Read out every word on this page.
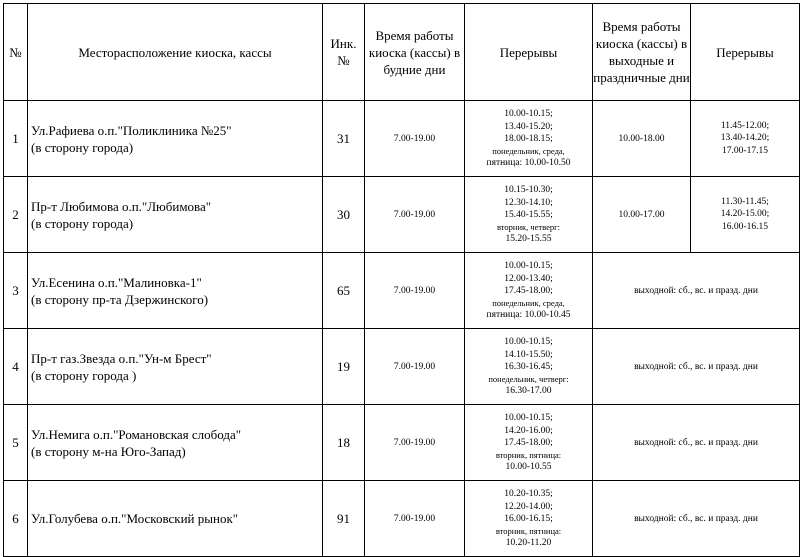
№	Месторасположение киоска, кассы	Инк. №	Время работы киоска (кассы) в будние дни	Перерывы	Время работы киоска (кассы) в выходные и праздничные дни	Перерывы
1	Ул.Рафиева о.п."Поликлиника №25"
(в сторону города)	31	7.00-19.00	10.00-10.15;
13.40-15.20;
18.00-18.15;
понедельник, среда,
пятница: 10.00-10.50	10.00-18.00	11.45-12.00;
13.40-14.20;
17.00-17.15

2	Пр-т Любимова о.п."Любимова"
(в сторону города)	30	7.00-19.00	10.15-10.30;
12.30-14.10;
15.40-15.55;
вторник, четверг:
15.20-15.55	10.00-17.00	11.30-11.45;
14.20-15.00;
16.00-16.15

3	Ул.Есенина о.п."Малиновка-1"
(в сторону пр-та Дзержинского)	65	7.00-19.00	10.00-10.15;
12.00-13.40;
17.45-18.00;
понедельник, среда,
пятница: 10.00-10.45	выходной: сб., вс. и празд. дни	
4	Пр-т газ.Звезда о.п."Ун-м Брест"
(в сторону города )	19	7.00-19.00	10.00-10.15;
14.10-15.50;
16.30-16.45;
понедельник, четверг:
16.30-17.00	выходной: сб., вс. и празд. дни	
5	Ул.Немига о.п."Романовская слобода"
(в сторону м-на Юго-Запад)	18	7.00-19.00	10.00-10.15;
14.20-16.00;
17.45-18.00;
вторник, пятница:
10.00-10.55	выходной: сб., вс. и празд. дни	
6	Ул.Голубева о.п."Московский рынок"	91	7.00-19.00	10.20-10.35;
12.20-14.00;
16.00-16.15;
вторник, пятница:
10.20-11.20	выходной: сб., вс. и празд. дни	
